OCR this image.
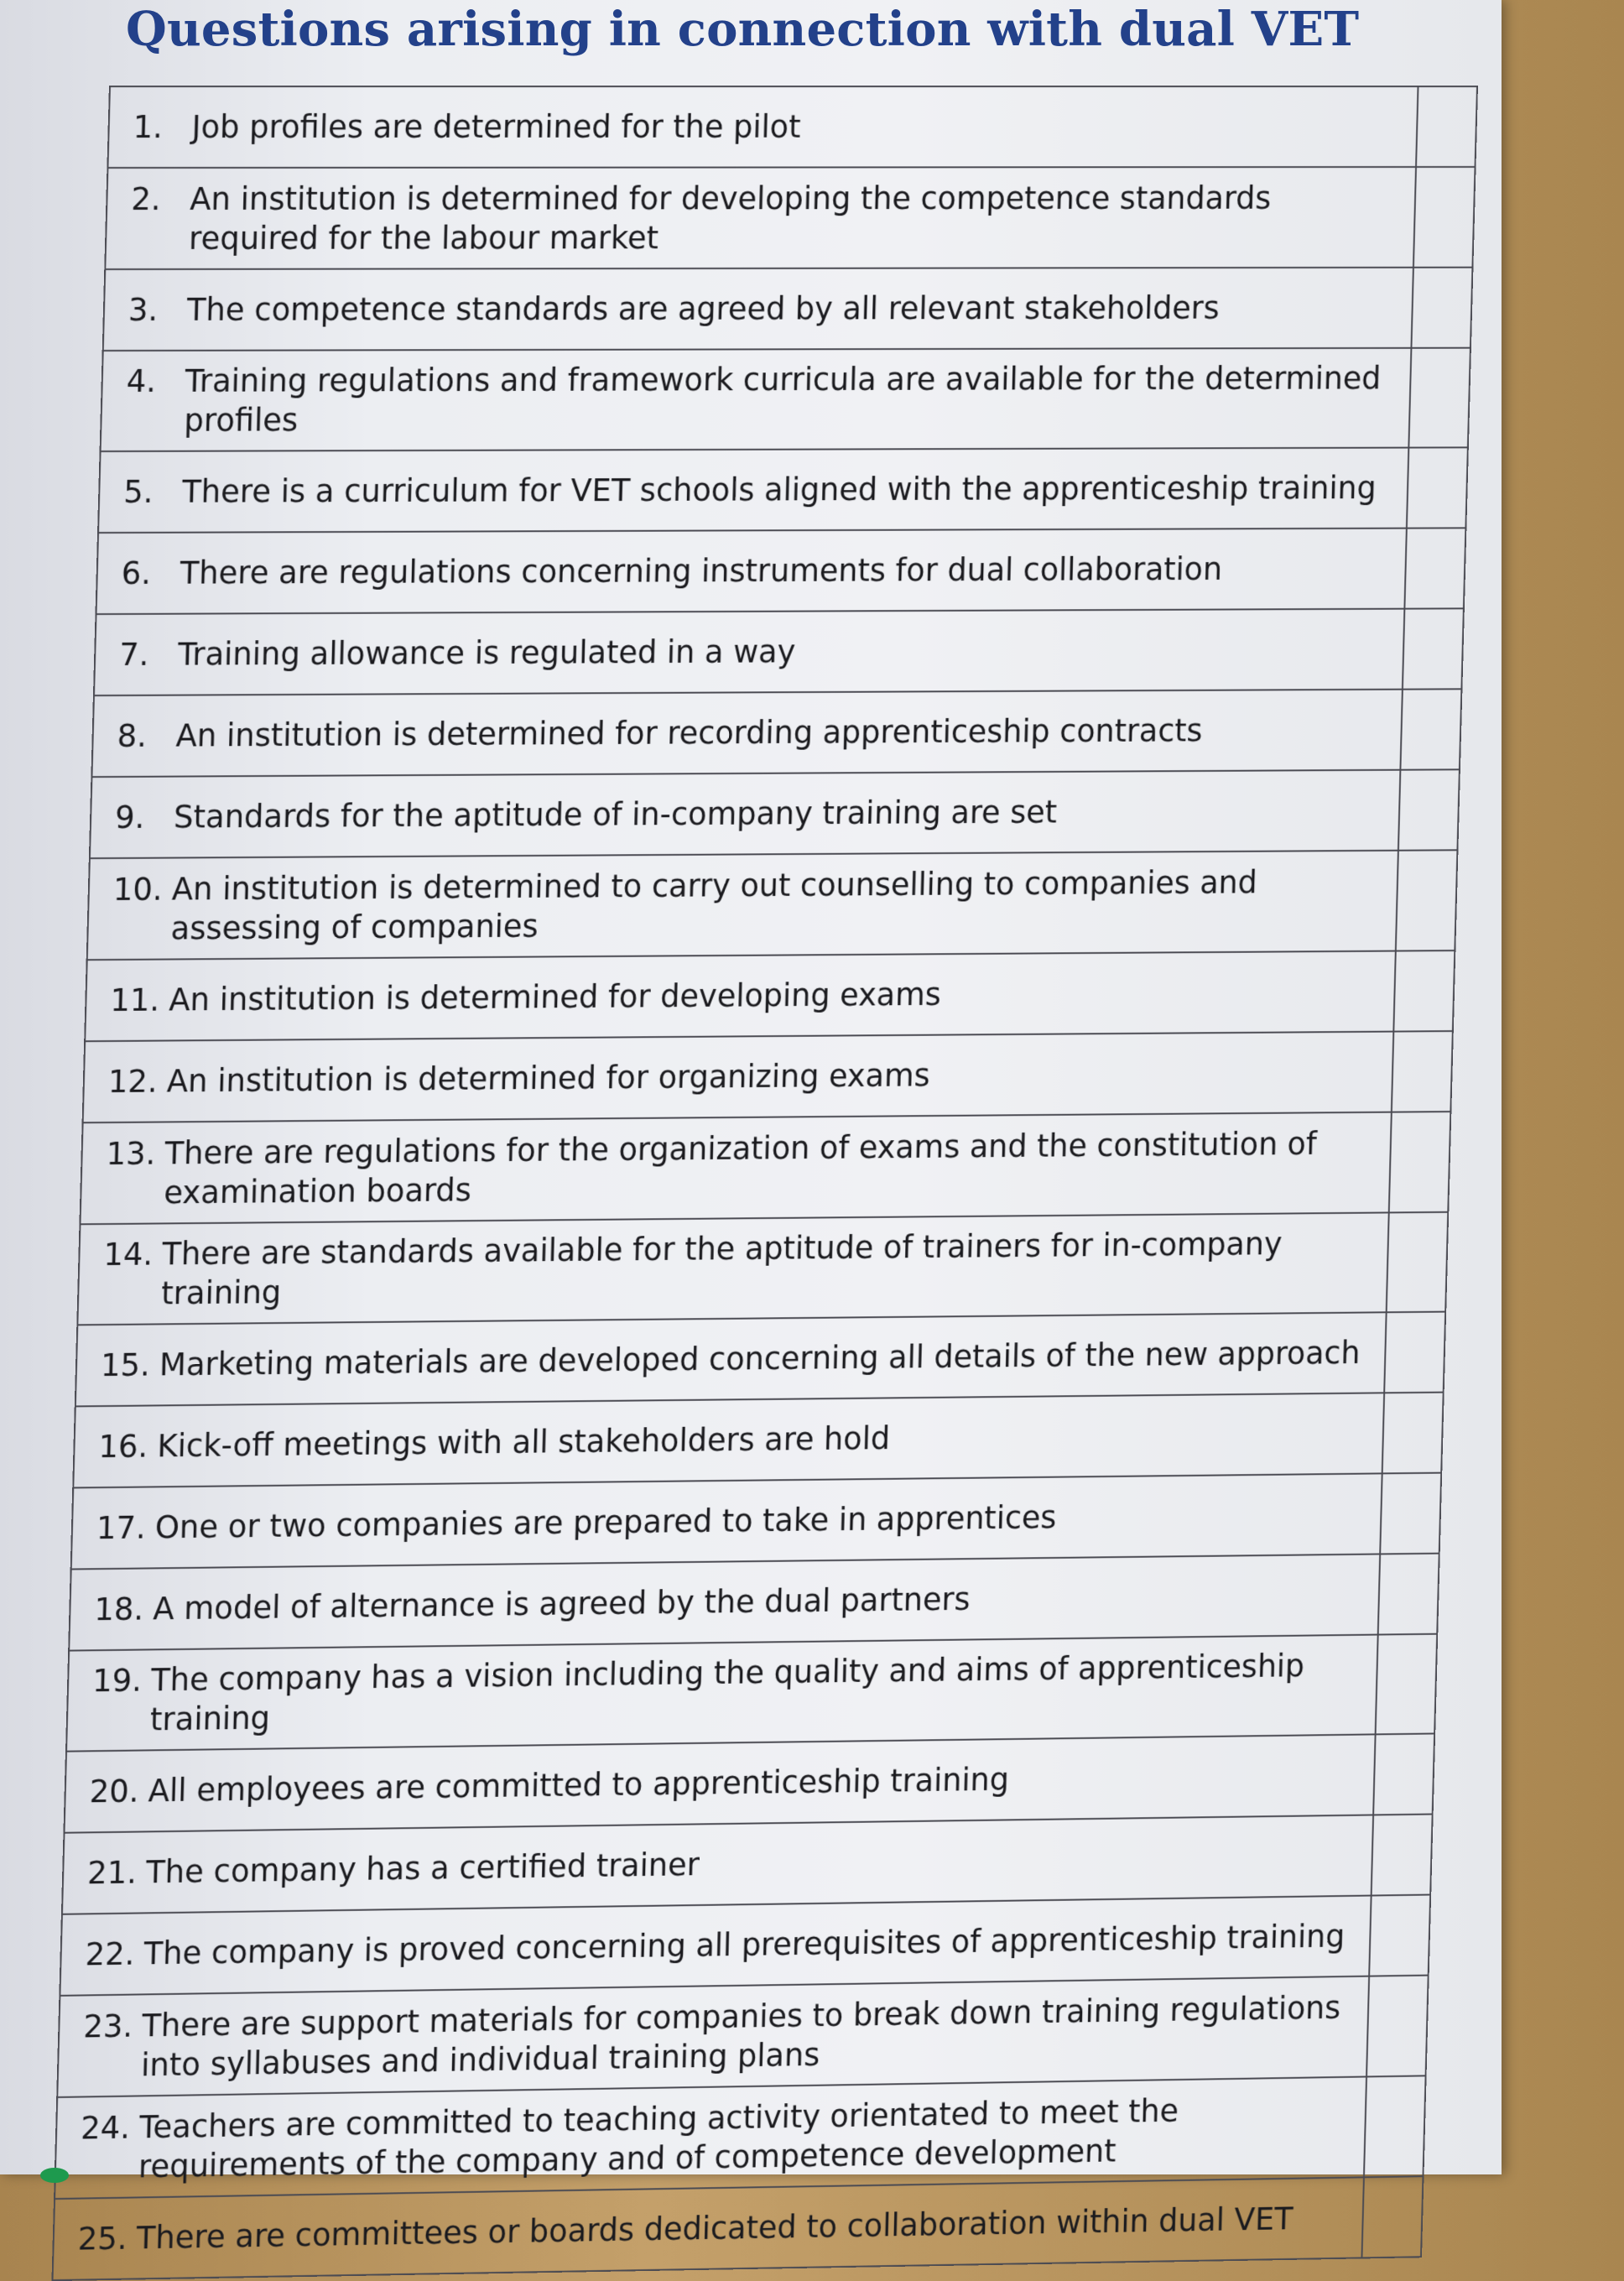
Questions arising in connection with dual VET
1. Job profiles are determined for the pilot	

2. An institution is determined for developing the competence standards required for the labour market	

3. The competence standards are agreed by all relevant stakeholders	

4. Training regulations and framework curricula are available for the determined profiles	

5. There is a curriculum for VET schools aligned with the apprenticeship training	

6. There are regulations concerning instruments for dual collaboration	

7. Training allowance is regulated in a way	

8. An institution is determined for recording apprenticeship contracts	

9. Standards for the aptitude of in-company training are set	

10. An institution is determined to carry out counselling to companies and assessing of companies	

11. An institution is determined for developing exams	

12. An institution is determined for organizing exams	

13. There are regulations for the organization of exams and the constitution of examination boards	

14. There are standards available for the aptitude of trainers for in-company training	

15. Marketing materials are developed concerning all details of the new approach	

16. Kick-off meetings with all stakeholders are hold	

17. One or two companies are prepared to take in apprentices	

18. A model of alternance is agreed by the dual partners	

19. The company has a vision including the quality and aims of apprenticeship training	

20. All employees are committed to apprenticeship training	

21. The company has a certified trainer	

22. The company is proved concerning all prerequisites of apprenticeship training	

23. There are support materials for companies to break down training regulations into syllabuses and individual training plans	

24. Teachers are committed to teaching activity orientated to meet the requirements of the company and of competence development	

25. There are committees or boards dedicated to collaboration within dual VET	
